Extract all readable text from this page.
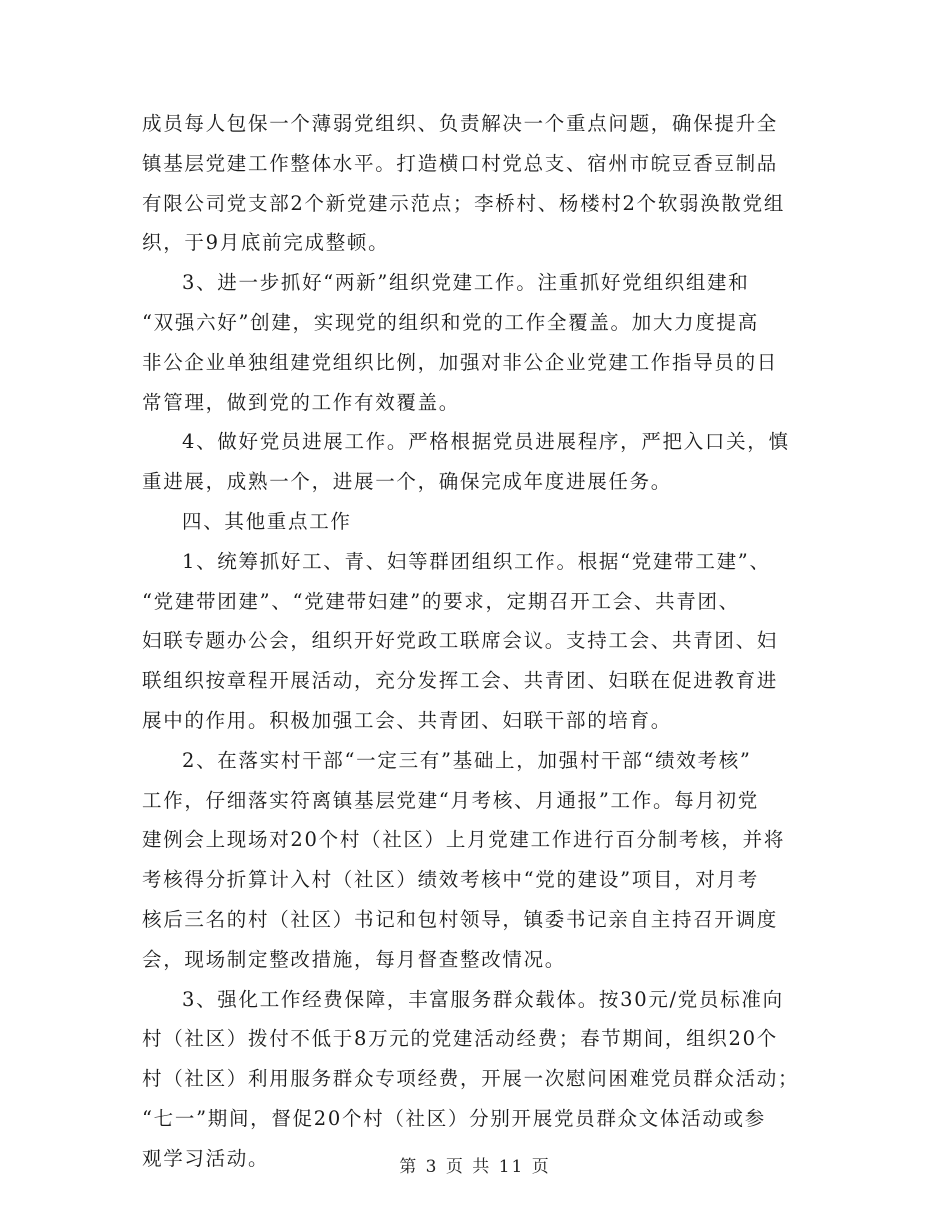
成员每人包保一个薄弱党组织、负责解决一个重点问题，确保提升全
镇基层党建工作整体水平。打造横口村党总支、宿州市皖豆香豆制品
有限公司党支部2个新党建示范点；李桥村、杨楼村2个软弱涣散党组
织，于9月底前完成整顿。

3、进一步抓好“两新”组织党建工作。注重抓好党组织组建和
“双强六好”创建，实现党的组织和党的工作全覆盖。加大力度提高
非公企业单独组建党组织比例，加强对非公企业党建工作指导员的日
常管理，做到党的工作有效覆盖。

4、做好党员进展工作。严格根据党员进展程序，严把入口关，慎
重进展，成熟一个，进展一个，确保完成年度进展任务。

四、其他重点工作

1、统筹抓好工、青、妇等群团组织工作。根据“党建带工建”、
“党建带团建”、“党建带妇建”的要求，定期召开工会、共青团、
妇联专题办公会，组织开好党政工联席会议。支持工会、共青团、妇
联组织按章程开展活动，充分发挥工会、共青团、妇联在促进教育进
展中的作用。积极加强工会、共青团、妇联干部的培育。

2、在落实村干部“一定三有”基础上，加强村干部“绩效考核”
工作，仔细落实符离镇基层党建“月考核、月通报”工作。每月初党
建例会上现场对20个村（社区）上月党建工作进行百分制考核，并将
考核得分折算计入村（社区）绩效考核中“党的建设”项目，对月考
核后三名的村（社区）书记和包村领导，镇委书记亲自主持召开调度
会，现场制定整改措施，每月督查整改情况。

3、强化工作经费保障，丰富服务群众载体。按30元/党员标准向
村（社区）拨付不低于8万元的党建活动经费；春节期间，组织20个
村（社区）利用服务群众专项经费，开展一次慰问困难党员群众活动；
“七一”期间，督促20个村（社区）分别开展党员群众文体活动或参
观学习活动。	第 3 页 共 11 页
